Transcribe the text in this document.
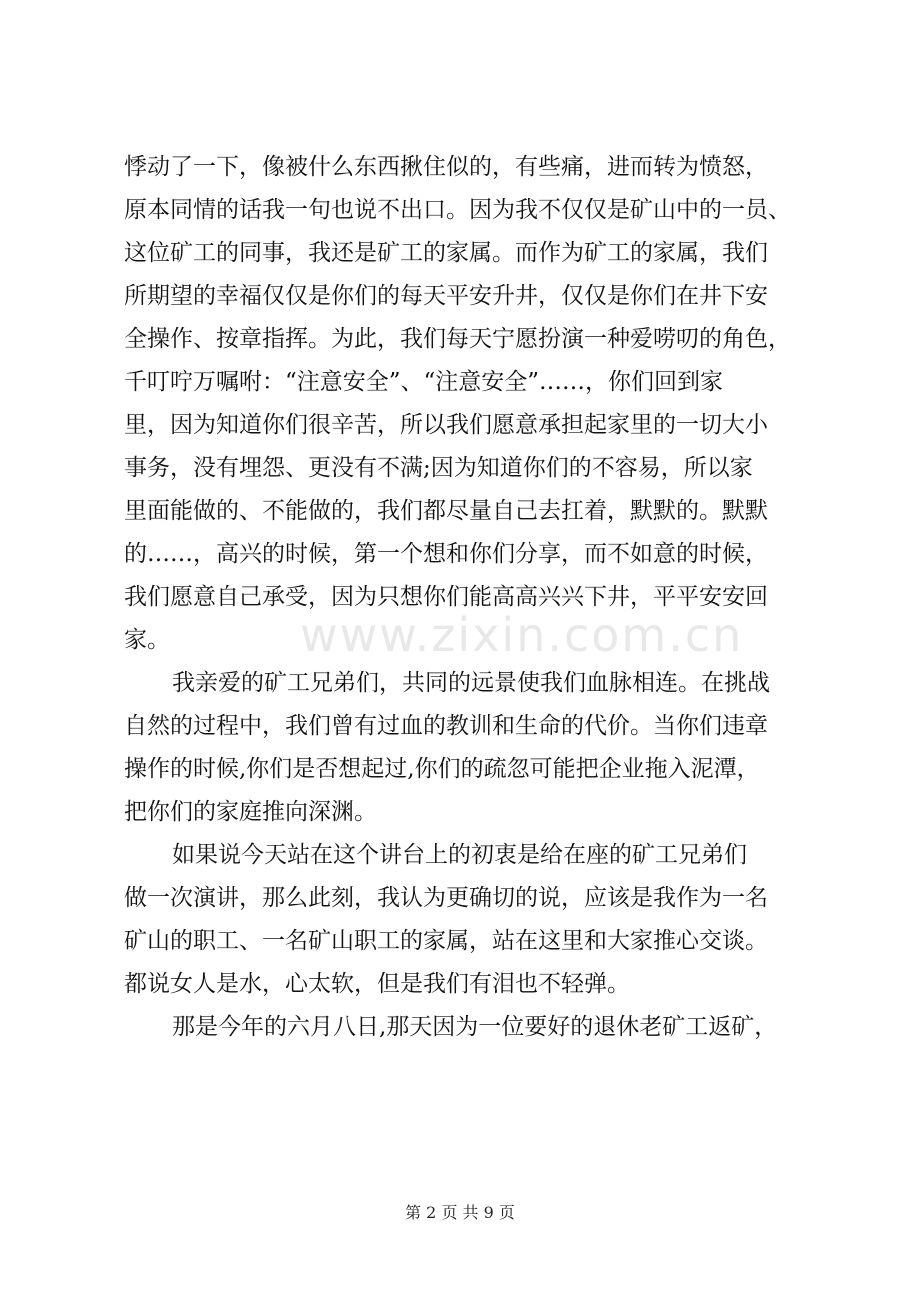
悸动了一下，像被什么东西揪住似的，有些痛，进而转为愤怒，
原本同情的话我一句也说不出口。因为我不仅仅是矿山中的一员、
这位矿工的同事，我还是矿工的家属。而作为矿工的家属，我们
所期望的幸福仅仅是你们的每天平安升井，仅仅是你们在井下安
全操作、按章指挥。为此，我们每天宁愿扮演一种爱唠叨的角色，
千叮咛万嘱咐：“注意安全”、“注意安全”……，你们回到家
里，因为知道你们很辛苦，所以我们愿意承担起家里的一切大小
事务，没有埋怨、更没有不满;因为知道你们的不容易，所以家
里面能做的、不能做的，我们都尽量自己去扛着，默默的。默默
的……，高兴的时候，第一个想和你们分享，而不如意的时候，
我们愿意自己承受，因为只想你们能高高兴兴下井，平平安安回
家。
我亲爱的矿工兄弟们，共同的远景使我们血脉相连。在挑战
自然的过程中，我们曾有过血的教训和生命的代价。当你们违章
操作的时候,你们是否想起过,你们的疏忽可能把企业拖入泥潭，
把你们的家庭推向深渊。
如果说今天站在这个讲台上的初衷是给在座的矿工兄弟们
做一次演讲，那么此刻，我认为更确切的说，应该是我作为一名
矿山的职工、一名矿山职工的家属，站在这里和大家推心交谈。
都说女人是水，心太软，但是我们有泪也不轻弹。
那是今年的六月八日,那天因为一位要好的退休老矿工返矿，
www.zixin.com.cn
第 2 页 共 9 页
